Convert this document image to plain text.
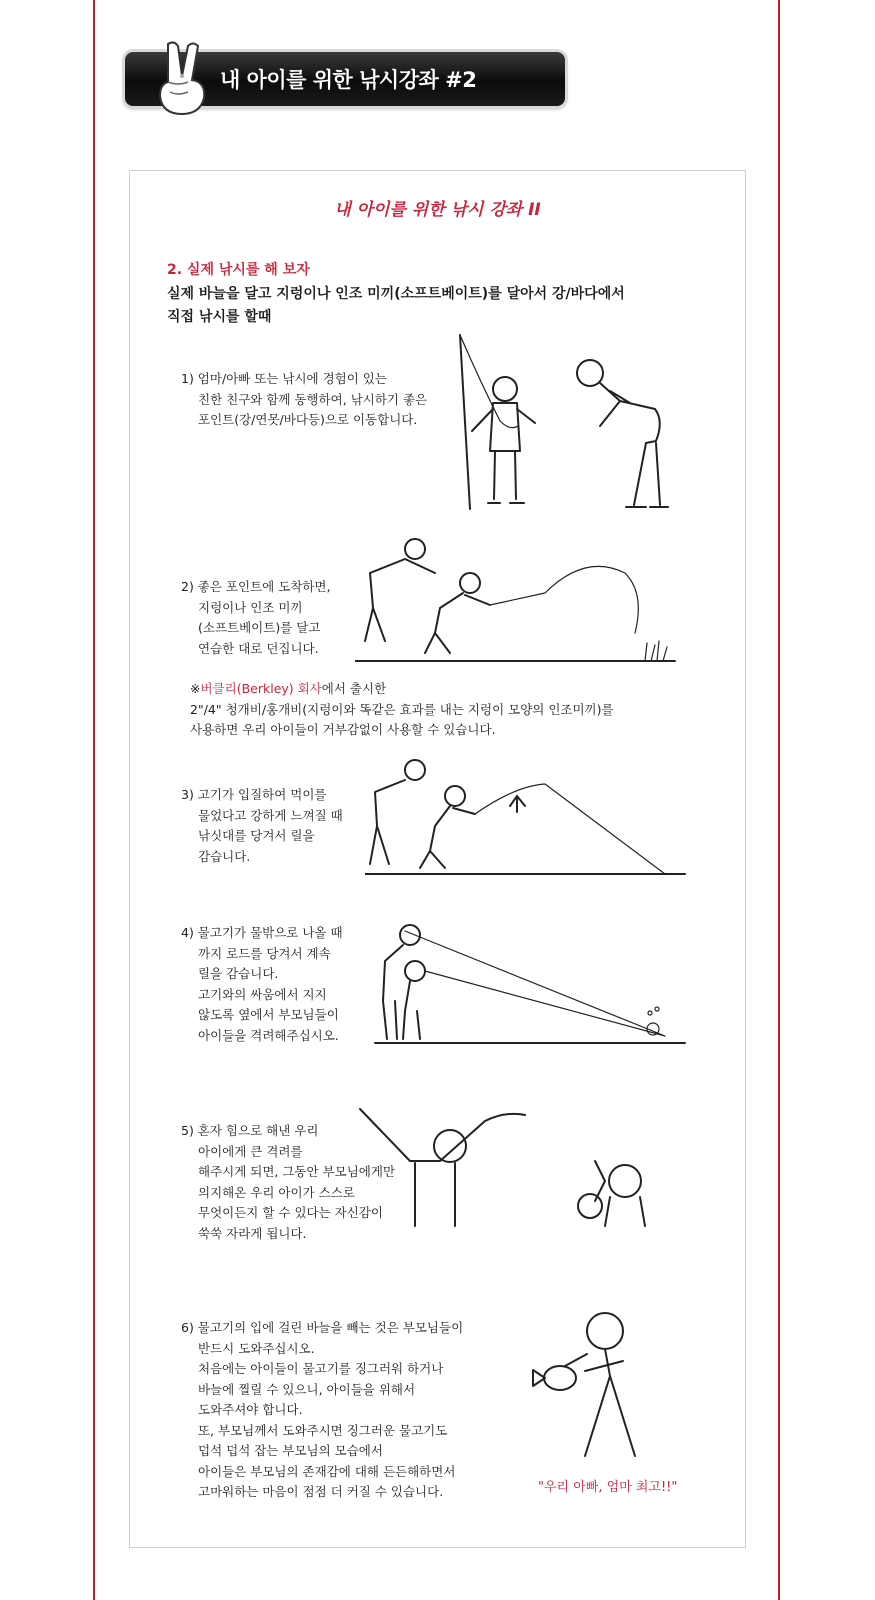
내 아이를 위한 낚시강좌 #2
내 아이를 위한 낚시 강좌 II
2. 실제 낚시를 해 보자
실제 바늘을 달고 지렁이나 인조 미끼(소프트베이트)를 달아서 강/바다에서
직접 낚시를 할때
1) 엄마/아빠 또는 낚시에 경험이 있는
친한 친구와 함께 동행하여, 낚시하기 좋은
포인트(강/연못/바다등)으로 이동합니다.
2) 좋은 포인트에 도착하면,
지렁이나 인조 미끼
(소프트베이트)를 달고
연습한 대로 던집니다.
※버클리(Berkley) 회사에서 출시한
2"/4" 청개비/홍개비(지렁이와 똑같은 효과를 내는 지렁이 모양의 인조미끼)를
사용하면 우리 아이들이 거부감없이 사용할 수 있습니다.
3) 고기가 입질하여 먹이를
물었다고 강하게 느껴질 때
낚싯대를 당겨서 릴을
감습니다.
4) 물고기가 물밖으로 나올 때
까지 로드를 당겨서 계속
릴을 감습니다.
고기와의 싸움에서 지지
않도록 옆에서 부모님들이
아이들을 격려해주십시오.
5) 혼자 힘으로 해낸 우리
아이에게 큰 격려를
해주시게 되면, 그동안 부모님에게만
의지해온 우리 아이가 스스로
무엇이든지 할 수 있다는 자신감이
쑥쑥 자라게 됩니다.
6) 물고기의 입에 걸린 바늘을 빼는 것은 부모님들이
반드시 도와주십시오.
처음에는 아이들이 물고기를 징그러워 하거나
바늘에 찔릴 수 있으니, 아이들을 위해서
도와주셔야 합니다.
또, 부모님께서 도와주시면 징그러운 물고기도
덥석 덥석 잡는 부모님의 모습에서
아이들은 부모님의 존재감에 대해 든든해하면서
고마워하는 마음이 점점 더 커질 수 있습니다.	"우리 아빠, 엄마 최고!!"
